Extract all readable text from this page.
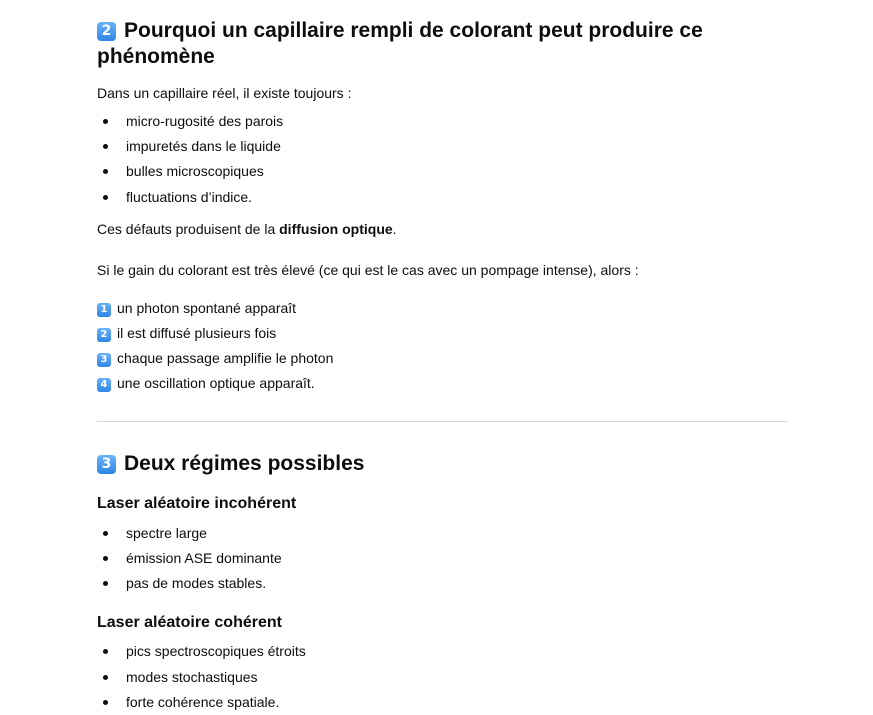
2 Pourquoi un capillaire rempli de colorant peut produire ce
phénomène

Dans un capillaire réel, il existe toujours :

micro-rugosité des parois
impuretés dans le liquide
bulles microscopiques
fluctuations d’indice.

Ces défauts produisent de la diffusion optique.

Si le gain du colorant est très élevé (ce qui est le cas avec un pompage intense), alors :

1 un photon spontané apparaît
2 il est diffusé plusieurs fois
3 chaque passage amplifie le photon
4 une oscillation optique apparaît.
3 Deux régimes possibles
Laser aléatoire incohérent
spectre large
émission ASE dominante
pas de modes stables.
Laser aléatoire cohérent
pics spectroscopiques étroits
modes stochastiques
forte cohérence spatiale.
